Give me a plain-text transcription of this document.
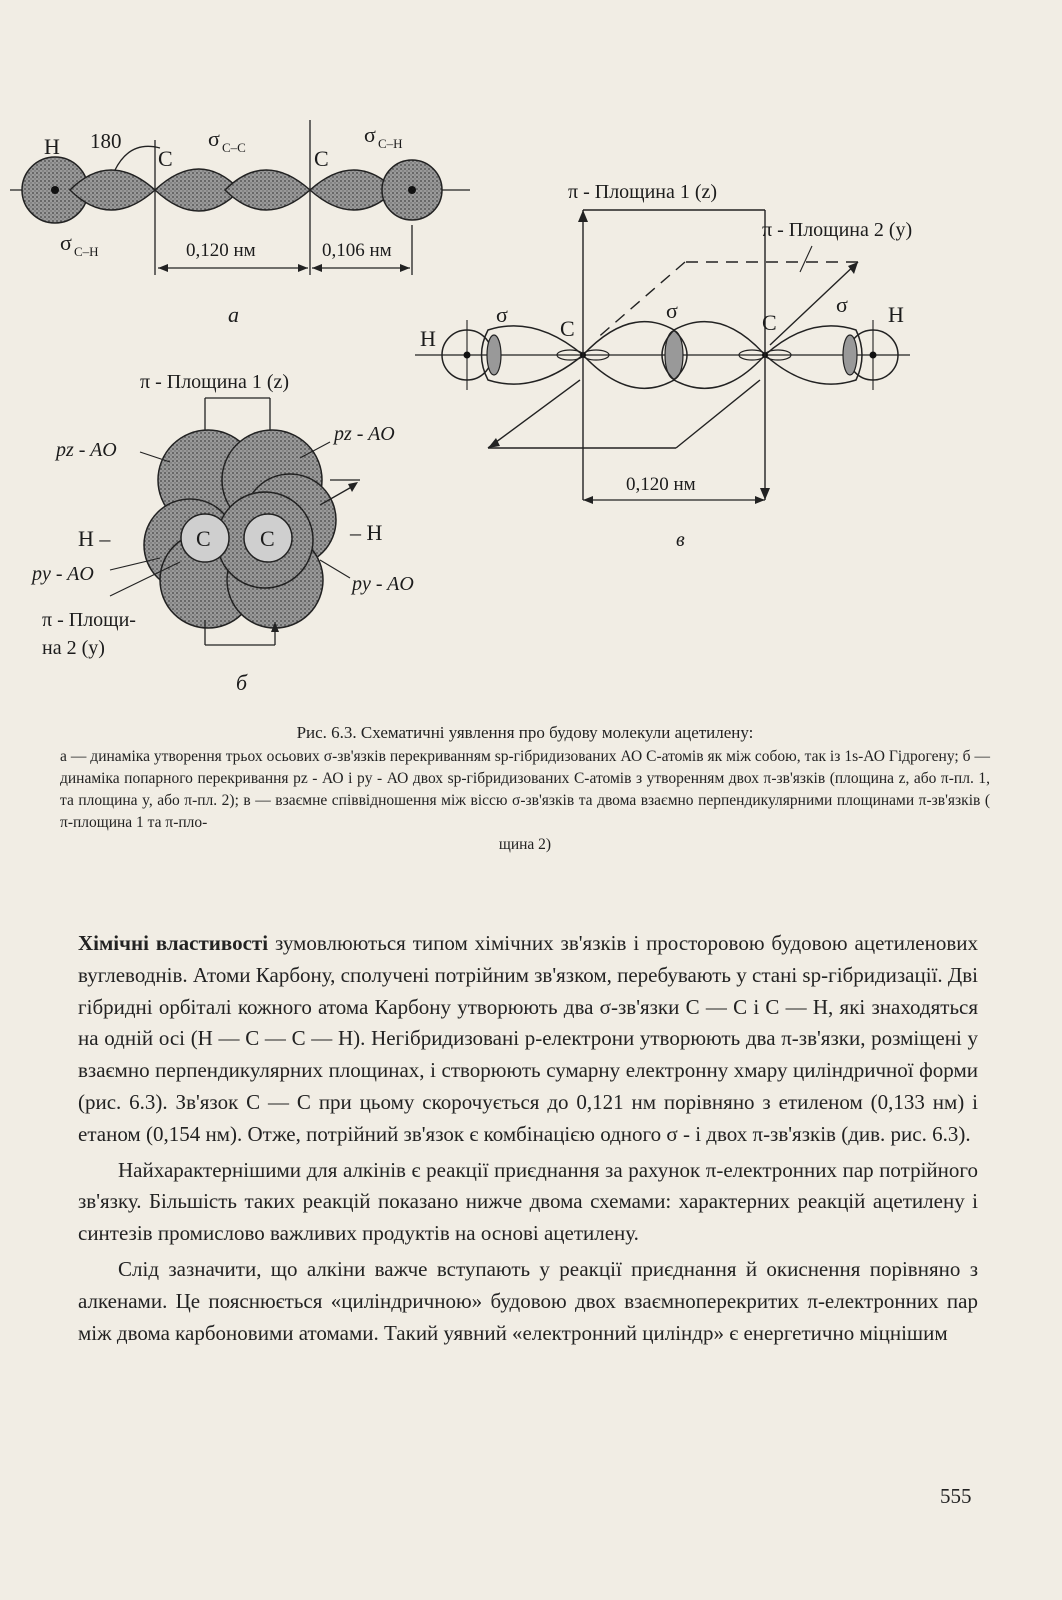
H 180
C	C
σ C–C
σ C–H
σ C–H	0,120 нм	0,106 нм
а
π - Площина 1 (z)
pz - AO
pz - AO
H –	– H
C C
py - AO	py - AO
π - Площи-
на 2 (y)
б
π - Площина 1 (z)
π - Площина 2 (y)
H
H
C	C
σ	σ	σ
0,120 нм
в
Рис. 6.3. Схематичні уявлення про будову молекули ацетилену:
а — динаміка утворення трьох осьових σ-зв'язків перекриванням sp-гібридизованих АО С-атомів як між собою, так із 1s-АО Гідрогену; б — динаміка попарного перекривання pz - АО і py - АО двох sp-гібридизованих С-атомів з утворенням двох π-зв'язків (площина z, або π-пл. 1, та площина y, або π-пл. 2); в — взаємне співвідношення між віссю σ-зв'язків та двома взаємно перпендикулярними площинами π-зв'язків ( π-площина 1 та π-пло-
щина 2)

Хімічні властивості зумовлюються типом хімічних зв'язків і просторовою будовою ацетиленових вуглеводнів. Атоми Карбону, сполучені потрійним зв'язком, перебувають у стані sp-гібридизації. Дві гібридні орбіталі кожного атома Карбону утворюють два σ-зв'язки С — С і С — Н, які знаходяться на одній осі (Н — С — С — Н). Негібридизовані p-електрони утворюють два π-зв'язки, розміщені у взаємно перпендикулярних площинах, і створюють сумарну електронну хмару циліндричної форми (рис. 6.3). Зв'язок С — С при цьому скорочується до 0,121 нм порівняно з етиленом (0,133 нм) і етаном (0,154 нм). Отже, потрійний зв'язок є комбінацією одного σ - і двох π-зв'язків (див. рис. 6.3).

Найхарактернішими для алкінів є реакції приєднання за рахунок π-електронних пар потрійного зв'язку. Більшість таких реакцій показано нижче двома схемами: характерних реакцій ацетилену і синтезів промислово важливих продуктів на основі ацетилену.

Слід зазначити, що алкіни важче вступають у реакції приєднання й окиснення порівняно з алкенами. Це пояснюється «циліндричною» будовою двох взаємноперекритих π-електронних пар між двома карбоновими атомами. Такий уявний «електронний циліндр» є енергетично міцнішим

555
